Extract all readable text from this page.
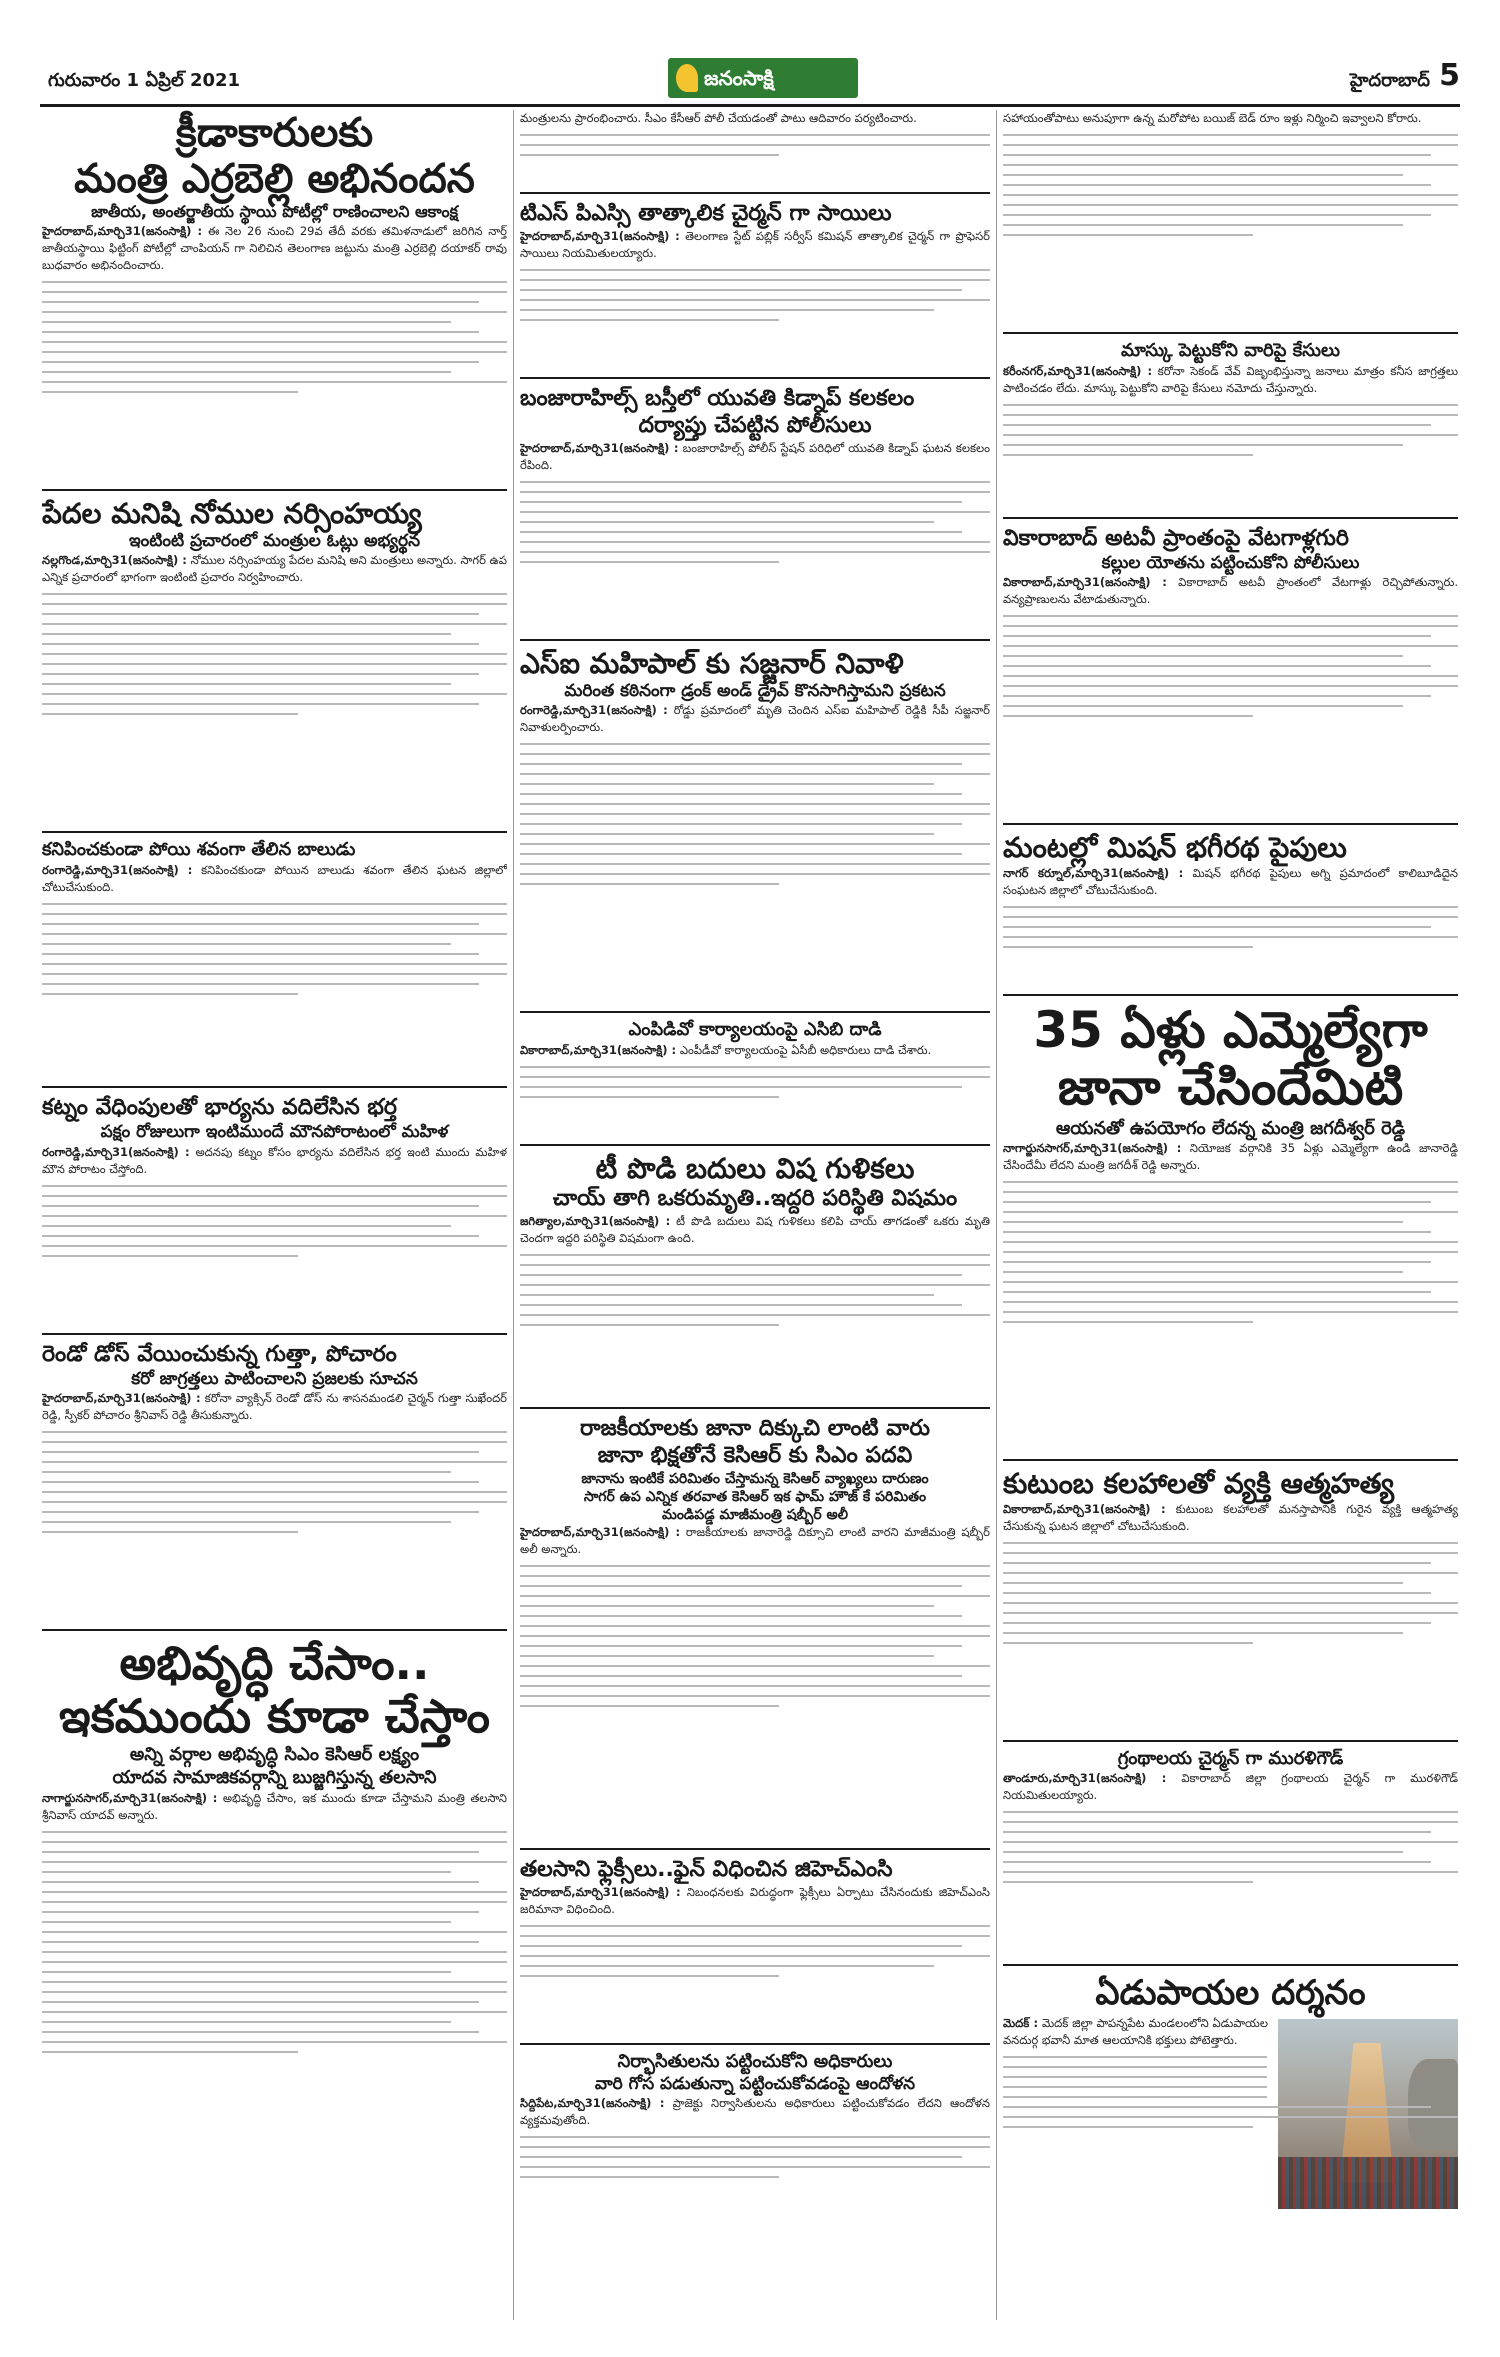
గురువారం 1 ఏప్రిల్ 2021	జనంసాక్షి	హైదరాబాద్ 5
క్రీడాకారులకు
మంత్రి ఎర్రబెల్లి అభినందన
జాతీయ, అంతర్జాతీయ స్థాయి పోటీల్లో రాణించాలని ఆకాంక్ష

హైదరాబాద్,మార్చి31(జనంసాక్షి) : ఈ నెల 26 నుంచి 29వ తేదీ వరకు తమిళనాడులో జరిగిన నార్త్ జాతీయస్థాయి ఫిట్టింగ్ పోటీల్లో చాంపియన్ గా నిలిచిన తెలంగాణ జట్టును మంత్రి ఎర్రబెల్లి దయాకర్ రావు బుధవారం అభినందించారు.

పేదల మనిషి నోముల నర్సింహయ్య
ఇంటింటి ప్రచారంలో మంత్రుల ఓట్లు అభ్యర్థన

నల్లగొండ,మార్చి31(జనంసాక్షి) : నోముల నర్సింహయ్య పేదల మనిషి అని మంత్రులు అన్నారు. సాగర్ ఉప ఎన్నిక ప్రచారంలో భాగంగా ఇంటింటి ప్రచారం నిర్వహించారు.

కనిపించకుండా పోయి శవంగా తేలిన బాలుడు

రంగారెడ్డి,మార్చి31(జనంసాక్షి) : కనిపించకుండా పోయిన బాలుడు శవంగా తేలిన ఘటన జిల్లాలో చోటుచేసుకుంది.

కట్నం వేధింపులతో భార్యను వదిలేసిన భర్త
పక్షం రోజులుగా ఇంటిముందే మౌనపోరాటంలో మహిళ

రంగారెడ్డి,మార్చి31(జనంసాక్షి) : అదనపు కట్నం కోసం భార్యను వదిలేసిన భర్త ఇంటి ముందు మహిళ మౌన పోరాటం చేస్తోంది.

రెండో డోస్ వేయించుకున్న గుత్తా, పోచారం
కరో జాగ్రత్తలు పాటించాలని ప్రజలకు సూచన

హైదరాబాద్,మార్చి31(జనంసాక్షి) : కరోనా వ్యాక్సిన్ రెండో డోస్ ను శాసనమండలి చైర్మన్ గుత్తా సుఖేందర్ రెడ్డి, స్పీకర్ పోచారం శ్రీనివాస్ రెడ్డి తీసుకున్నారు.

అభివృద్ధి చేసాం..
ఇకముందు కూడా చేస్తాం
అన్ని వర్గాల అభివృద్ధి సిఎం కెసిఆర్ లక్ష్యం
యాదవ సామాజికవర్గాన్ని బుజ్జగిస్తున్న తలసాని

నాగార్జునసాగర్,మార్చి31(జనంసాక్షి) : అభివృద్ధి చేసాం, ఇక ముందు కూడా చేస్తామని మంత్రి తలసాని శ్రీనివాస్ యాదవ్ అన్నారు.

మంత్రులను ప్రారంభించారు. సీఎం కేసీఆర్ పోలీ చేయడంతో పాటు ఆదివారం పర్యటించారు.

టిఎస్ పిఎస్సి తాత్కాలిక చైర్మన్ గా సాయిలు

హైదరాబాద్,మార్చి31(జనంసాక్షి) : తెలంగాణ స్టేట్ పబ్లిక్ సర్వీస్ కమిషన్ తాత్కాలిక చైర్మన్ గా ప్రొఫెసర్ సాయిలు నియమితులయ్యారు.

బంజారాహిల్స్ బస్తీలో యువతి కిడ్నాప్ కలకలం
దర్యాప్తు చేపట్టిన పోలీసులు

హైదరాబాద్,మార్చి31(జనంసాక్షి) : బంజారాహిల్స్ పోలీస్ స్టేషన్ పరిధిలో యువతి కిడ్నాప్ ఘటన కలకలం రేపింది.

ఎస్ఐ మహిపాల్ కు సజ్జనార్ నివాళి
మరింత కఠినంగా డ్రంక్ అండ్ డ్రైవ్ కొనసాగిస్తామని ప్రకటన

రంగారెడ్డి,మార్చి31(జనంసాక్షి) : రోడ్డు ప్రమాదంలో మృతి చెందిన ఎస్ఐ మహిపాల్ రెడ్డికి సీపీ సజ్జనార్ నివాళులర్పించారు.

ఎంపిడివో కార్యాలయంపై ఎసిబి దాడి

వికారాబాద్,మార్చి31(జనంసాక్షి) : ఎంపీడీవో కార్యాలయంపై ఏసీబీ అధికారులు దాడి చేశారు.

టీ పొడి బదులు విష గుళికలు
చాయ్ తాగి ఒకరుమృతి..ఇద్దరి పరిస్థితి విషమం

జగిత్యాల,మార్చి31(జనంసాక్షి) : టీ పొడి బదులు విష గుళికలు కలిపి చాయ్ తాగడంతో ఒకరు మృతి చెందగా ఇద్దరి పరిస్థితి విషమంగా ఉంది.

రాజకీయాలకు జానా దిక్కుచి లాంటి వారు
జానా భిక్షతోనే కెసిఆర్ కు సిఎం పదవి
జానాను ఇంటికే పరిమితం చేస్తామన్న కెసిఆర్ వ్యాఖ్యలు దారుణం
సాగర్ ఉప ఎన్నిక తరవాత కెసిఆర్ ఇక ఫామ్ హౌజ్ కే పరిమితం
మండిపడ్డ మాజీమంత్రి షబ్బీర్ అలీ

హైదరాబాద్,మార్చి31(జనంసాక్షి) : రాజకీయాలకు జానారెడ్డి దిక్సూచి లాంటి వారని మాజీమంత్రి షబ్బీర్ అలీ అన్నారు.

తలసాని ఫ్లెక్సీలు..ఫైన్ విధించిన జిహెచ్ఎంసి

హైదరాబాద్,మార్చి31(జనంసాక్షి) : నిబంధనలకు విరుద్ధంగా ఫ్లెక్సీలు ఏర్పాటు చేసినందుకు జిహెచ్ఎంసి జరిమానా విధించింది.

నిర్భాసితులను పట్టించుకోని అధికారులు
వారి గోస పడుతున్నా పట్టించుకోవడంపై ఆందోళన

సిద్దిపేట,మార్చి31(జనంసాక్షి) : ప్రాజెక్టు నిర్వాసితులను అధికారులు పట్టించుకోవడం లేదని ఆందోళన వ్యక్తమవుతోంది.

సహాయంతోపాటు అనుపూగా ఉన్న మరోపోట బయిజ్ బెడ్ రూం ఇళ్లు నిర్మించి ఇవ్వాలని కోరారు.

మాస్కు పెట్టుకోని వారిపై కేసులు

కరీంనగర్,మార్చి31(జనంసాక్షి) : కరోనా సెకండ్ వేవ్ విజృంభిస్తున్నా జనాలు మాత్రం కనీస జాగ్రత్తలు పాటించడం లేదు. మాస్కు పెట్టుకోని వారిపై కేసులు నమోదు చేస్తున్నారు.

వికారాబాద్ అటవీ ప్రాంతంపై వేటగాళ్లగురి
కల్లుల యోతను పట్టించుకోని పోలీసులు

వికారాబాద్,మార్చి31(జనంసాక్షి) : వికారాబాద్ అటవీ ప్రాంతంలో వేటగాళ్లు రెచ్చిపోతున్నారు. వన్యప్రాణులను వేటాడుతున్నారు.

మంటల్లో మిషన్ భగీరథ పైపులు

నాగర్ కర్నూల్,మార్చి31(జనంసాక్షి) : మిషన్ భగీరథ పైపులు అగ్ని ప్రమాదంలో కాలిబూడిదైన సంఘటన జిల్లాలో చోటుచేసుకుంది.

35 ఏళ్లు ఎమ్మెల్యేగా
జానా చేసిందేమిటి
ఆయనతో ఉపయోగం లేదన్న మంత్రి జగదీశ్వర్ రెడ్డి

నాగార్జునసాగర్,మార్చి31(జనంసాక్షి) : నియోజక వర్గానికి 35 ఏళ్లు ఎమ్మెల్యేగా ఉండి జానారెడ్డి చేసిందేమీ లేదని మంత్రి జగదీశ్ రెడ్డి అన్నారు.

కుటుంబ కలహాలతో వ్యక్తి ఆత్మహత్య

వికారాబాద్,మార్చి31(జనంసాక్షి) : కుటుంబ కలహాలతో మనస్తాపానికి గురైన వ్యక్తి ఆత్మహత్య చేసుకున్న ఘటన జిల్లాలో చోటుచేసుకుంది.

గ్రంథాలయ చైర్మన్ గా మురళిగౌడ్

తాండూరు,మార్చి31(జనంసాక్షి) : వికారాబాద్ జిల్లా గ్రంథాలయ చైర్మన్ గా మురళిగౌడ్ నియమితులయ్యారు.

ఏడుపాయల దర్శనం

మెదక్ : మెదక్ జిల్లా పాపన్నపేట మండలంలోని ఏడుపాయల వనదుర్గ భవానీ మాత ఆలయానికి భక్తులు పోటెత్తారు.
